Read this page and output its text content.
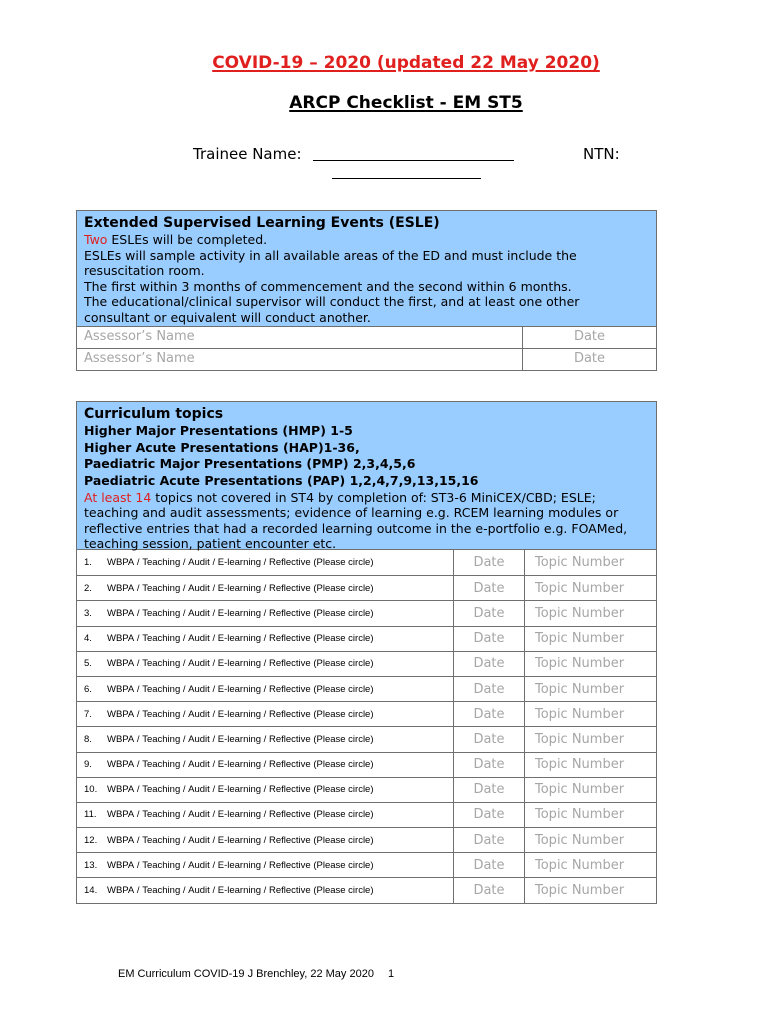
COVID-19 – 2020 (updated 22 May 2020)
ARCP Checklist - EM ST5
Trainee Name:	NTN:
Extended Supervised Learning Events (ESLE)
Two ESLEs will be completed.
ESLEs will sample activity in all available areas of the ED and must include the resuscitation room.
The first within 3 months of commencement and the second within 6 months.
The educational/clinical supervisor will conduct the first, and at least one other consultant or equivalent will conduct another.
Assessor’s Name	Date
Assessor’s Name	Date
Curriculum topics
Higher Major Presentations (HMP) 1-5
Higher Acute Presentations (HAP)1-36,
Paediatric Major Presentations (PMP) 2,3,4,5,6
Paediatric Acute Presentations (PAP) 1,2,4,7,9,13,15,16
At least 14 topics not covered in ST4 by completion of: ST3-6 MiniCEX/CBD; ESLE; teaching and audit assessments; evidence of learning e.g. RCEM learning modules or reflective entries that had a recorded learning outcome in the e-portfolio e.g. FOAMed, teaching session, patient encounter etc.
1.	WBPA / Teaching / Audit / E-learning / Reflective (Please circle)	Date	Topic Number
2.	WBPA / Teaching / Audit / E-learning / Reflective (Please circle)	Date	Topic Number
3.	WBPA / Teaching / Audit / E-learning / Reflective (Please circle)	Date	Topic Number
4.	WBPA / Teaching / Audit / E-learning / Reflective (Please circle)	Date	Topic Number
5.	WBPA / Teaching / Audit / E-learning / Reflective (Please circle)	Date	Topic Number
6.	WBPA / Teaching / Audit / E-learning / Reflective (Please circle)	Date	Topic Number
7.	WBPA / Teaching / Audit / E-learning / Reflective (Please circle)	Date	Topic Number
8.	WBPA / Teaching / Audit / E-learning / Reflective (Please circle)	Date	Topic Number
9.	WBPA / Teaching / Audit / E-learning / Reflective (Please circle)	Date	Topic Number
10.	WBPA / Teaching / Audit / E-learning / Reflective (Please circle)	Date	Topic Number
11.	WBPA / Teaching / Audit / E-learning / Reflective (Please circle)	Date	Topic Number
12.	WBPA / Teaching / Audit / E-learning / Reflective (Please circle)	Date	Topic Number
13.	WBPA / Teaching / Audit / E-learning / Reflective (Please circle)	Date	Topic Number
14.	WBPA / Teaching / Audit / E-learning / Reflective (Please circle)	Date	Topic Number
EM Curriculum COVID-19 J Brenchley, 22 May 2020 1
